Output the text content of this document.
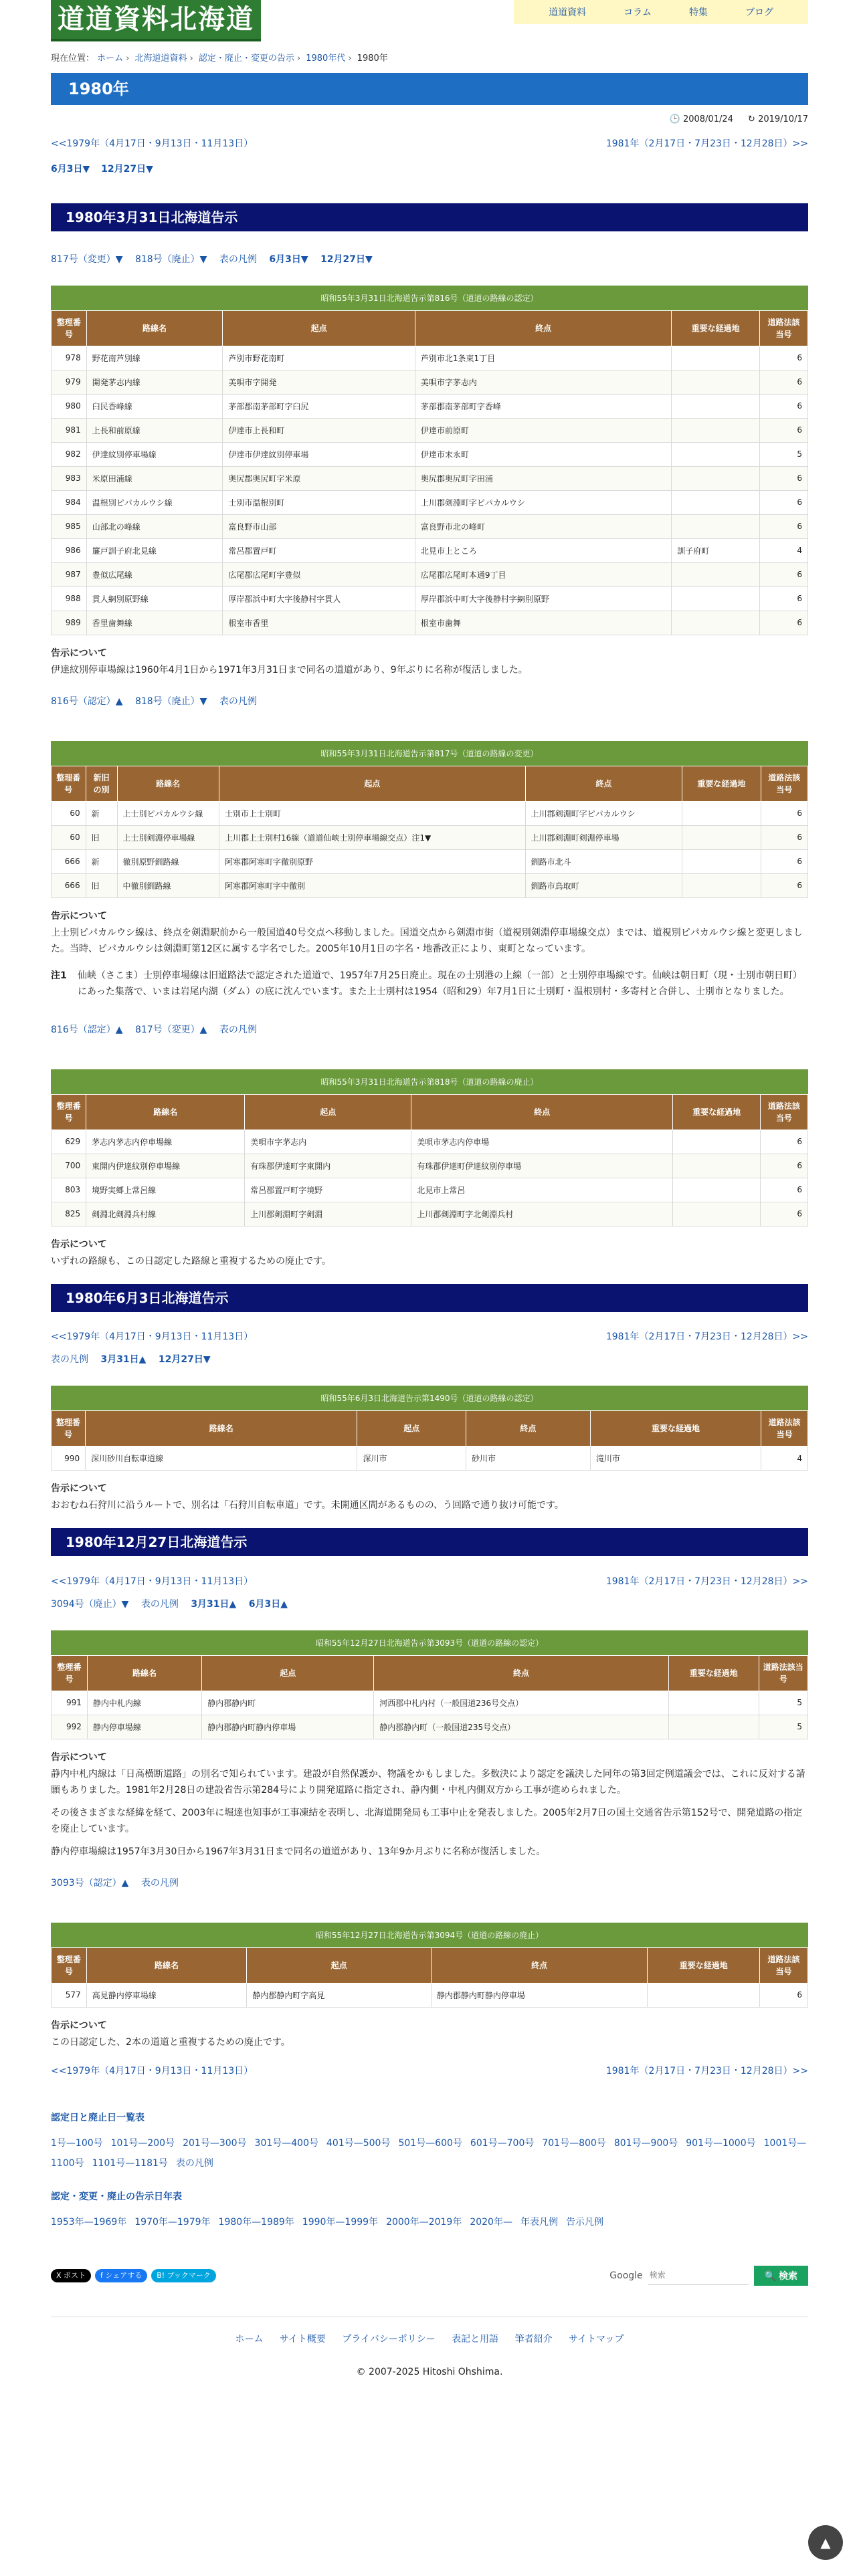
道道資料北海道	道道資料	コラム	特集	ブログ
現在位置： ホーム › 北海道道資料 › 認定・廃止・変更の告示 › 1980年代 › 1980年
1980年
🕒 2008/01/24 ↻ 2019/10/17
<<1979年（4月17日・9月13日・11月13日）	1981年（2月17日・7月23日・12月28日）>>
6月3日▼ 12月27日▼
1980年3月31日北海道告示
817号（変更）▼ 818号（廃止）▼ 表の凡例 6月3日▼ 12月27日▼
昭和55年3月31日北海道告示第816号（道道の路線の認定）
整理番号	路線名	起点	終点	重要な経過地	道路法該当号
978	野花南芦別線	芦別市野花南町	芦別市北1条東1丁目		6
979	開発茅志内線	美唄市字開発	美唄市字茅志内		6
980	臼民香峰線	茅部郡南茅部町字臼尻	茅部郡南茅部町字香峰		6
981	上長和前原線	伊達市上長和町	伊達市前原町		6
982	伊達紋別停車場線	伊達市伊達紋別停車場	伊達市末永町		5
983	米原田浦線	奥尻郡奥尻町字米原	奥尻郡奥尻町字田浦		6
984	温根別ピパカルウシ線	士別市温根別町	上川郡剣淵町字ピパカルウシ		6
985	山部北の峰線	富良野市山部	富良野市北の峰町		6
986	簾戸訓子府北見線	常呂郡置戸町	北見市上ところ	訓子府町	4
987	豊似広尾線	広尾郡広尾町字豊似	広尾郡広尾町本通9丁目		6
988	貫人網別原野線	厚岸郡浜中町大字後静村字貫人	厚岸郡浜中町大字後静村字網別原野		6
989	香里歯舞線	根室市香里	根室市歯舞		6
告示について

伊達紋別停車場線は1960年4月1日から1971年3月31日まで同名の道道があり、9年ぶりに名称が復活しました。

816号（認定）▲ 818号（廃止）▼ 表の凡例
昭和55年3月31日北海道告示第817号（道道の路線の変更）
整理番号	新旧の別	路線名	起点	終点	重要な経過地	道路法該当号
60	新	上士別ピパカルウシ線	士別市上士別町	上川郡剣淵町字ピパカルウシ		6
60	旧	上士別剣淵停車場線	上川郡上士別村16線（道道仙峡士別停車場線交点）注1▼	上川郡剣淵町剣淵停車場		6
666	新	徹別原野釧路線	阿寒郡阿寒町字徹別原野	釧路市北斗		6
666	旧	中徹別釧路線	阿寒郡阿寒町字中徹別	釧路市鳥取町		6
告示について

上士別ピパカルウシ線は、終点を剣淵駅前から一般国道40号交点へ移動しました。国道交点から剣淵市街（道視別剣淵停車場線交点）までは、道視別ピパカルウシ線と変更しました。当時、ピパカルウシは剣淵町第12区に属する字名でした。2005年10月1日の字名・地番改正により、東町となっています。

注1	仙峡（さこま）士別停車場線は旧道路法で認定された道道で、1957年7月25日廃止。現在の士別港の上線（一部）と士別停車場線です。仙峡は朝日町（現・士別市朝日町）にあった集落で、いまは岩尾内湖（ダム）の底に沈んでいます。また上士別村は1954（昭和29）年7月1日に士別町・温根別村・多寄村と合併し、士別市となりました。
816号（認定）▲ 817号（変更）▲ 表の凡例
昭和55年3月31日北海道告示第818号（道道の路線の廃止）
整理番号	路線名	起点	終点	重要な経過地	道路法該当号
629	茅志内茅志内停車場線	美唄市字茅志内	美唄市茅志内停車場		6
700	東開内伊達紋別停車場線	有珠郡伊達町字東開内	有珠郡伊達町伊達紋別停車場		6
803	境野実郷上常呂線	常呂郡置戸町字境野	北見市上常呂		6
825	剣淵北剣淵兵村線	上川郡剣淵町字剣淵	上川郡剣淵町字北剣淵兵村		6
告示について

いずれの路線も、この日認定した路線と重複するための廃止です。

1980年6月3日北海道告示
<<1979年（4月17日・9月13日・11月13日）	1981年（2月17日・7月23日・12月28日）>>
表の凡例 3月31日▲ 12月27日▼
昭和55年6月3日北海道告示第1490号（道道の路線の認定）
整理番号	路線名	起点	終点	重要な経過地	道路法該当号
990	深川砂川自転車道線	深川市	砂川市	滝川市	4
告示について

おおむね石狩川に沿うルートで、別名は「石狩川自転車道」です。未開通区間があるものの、う回路で通り抜け可能です。

1980年12月27日北海道告示
<<1979年（4月17日・9月13日・11月13日）	1981年（2月17日・7月23日・12月28日）>>
3094号（廃止）▼ 表の凡例 3月31日▲ 6月3日▲
昭和55年12月27日北海道告示第3093号（道道の路線の認定）
整理番号	路線名	起点	終点	重要な経過地	道路法該当号
991	静内中札内線	静内郡静内町	河西郡中札内村（一般国道236号交点）		5
992	静内停車場線	静内郡静内町静内停車場	静内郡静内町（一般国道235号交点）		5
告示について

静内中札内線は「日高横断道路」の別名で知られています。建設が自然保護か、物議をかもしました。多数決により認定を議決した同年の第3回定例道議会では、これに反対する請願もありました。1981年2月28日の建設省告示第284号により開発道路に指定され、静内側・中札内側双方から工事が進められました。

その後さまざまな経緯を経て、2003年に堀達也知事が工事凍結を表明し、北海道開発局も工事中止を発表しました。2005年2月7日の国土交通省告示第152号で、開発道路の指定を廃止しています。

静内停車場線は1957年3月30日から1967年3月31日まで同名の道道があり、13年9か月ぶりに名称が復活しました。

3093号（認定）▲ 表の凡例
昭和55年12月27日北海道告示第3094号（道道の路線の廃止）
整理番号	路線名	起点	終点	重要な経過地	道路法該当号
577	高見静内停車場線	静内郡静内町字高見	静内郡静内町静内停車場		6
告示について

この日認定した、2本の道道と重複するための廃止です。

<<1979年（4月17日・9月13日・11月13日）	1981年（2月17日・7月23日・12月28日）>>
認定日と廃止日一覧表
1号—100号 101号—200号 201号—300号 301号—400号 401号—500号 501号—600号 601号—700号 701号—800号 801号—900号 901号—1000号 1001号—1100号 1101号—1181号 表の凡例
認定・変更・廃止の告示日年表
1953年—1969年 1970年—1979年 1980年—1989年 1990年—1999年 2000年—2019年 2020年— 年表凡例 告示凡例
X ポスト	f シェアする	B! ブックマーク	Google
検索	🔍 検索
ホーム サイト概要 プライバシーポリシー 表記と用語 筆者紹介 サイトマップ
© 2007-2025 Hitoshi Ohshima.
▲
